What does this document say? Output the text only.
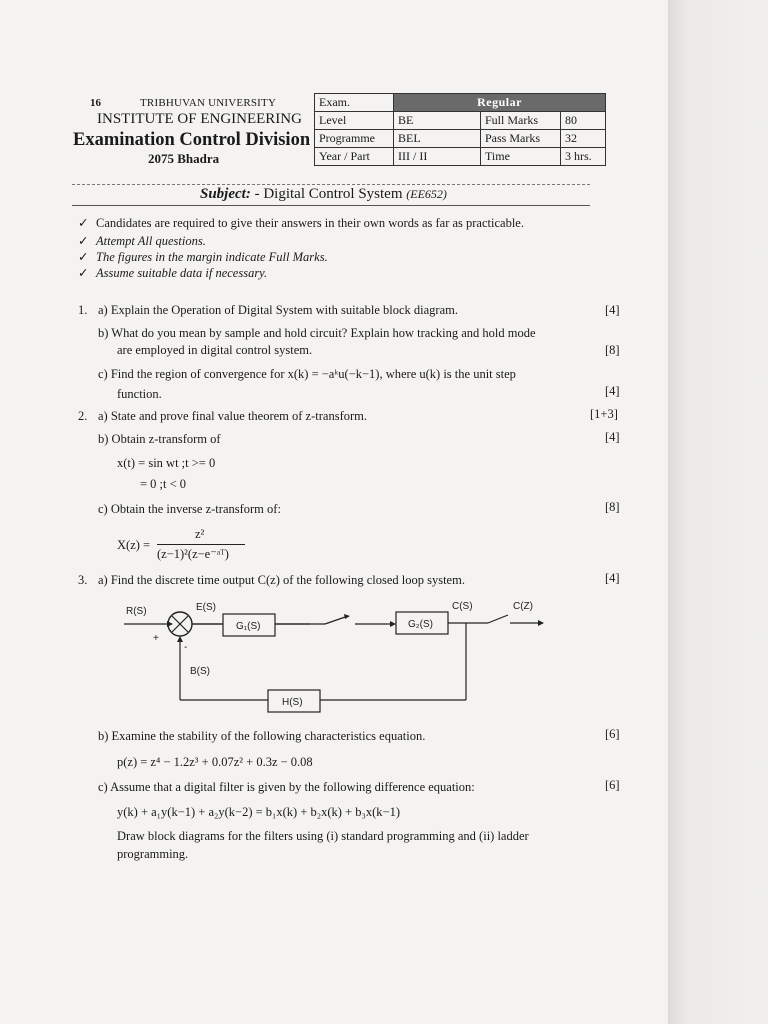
16	TRIBHUVAN UNIVERSITY
INSTITUTE OF ENGINEERING
Examination Control Division
2075 Bhadra
Exam.	Regular		
Level	BE	Full Marks	80
Programme	BEL	Pass Marks	32
Year / Part	III / II	Time	3 hrs.
Subject: - Digital Control System (EE652)
✓ Candidates are required to give their answers in their own words as far as practicable.
✓ Attempt All questions.
✓ The figures in the margin indicate Full Marks.
✓ Assume suitable data if necessary.
1. a) Explain the Operation of Digital System with suitable block diagram.	[4]
b) What do you mean by sample and hold circuit? Explain how tracking and hold mode
are employed in digital control system.	[8]
c) Find the region of convergence for x(k) = −aᵏu(−k−1), where u(k) is the unit step
function.	[4]
2. a) State and prove final value theorem of z-transform.	[1+3]
b) Obtain z-transform of	[4]
x(t) = sin wt ;t >= 0
= 0 ;t < 0
c) Obtain the inverse z-transform of:	[8]
X(z) =
z²
(z−1)²(z−e⁻ᵃᵀ)
3. a) Find the discrete time output C(z) of the following closed loop system.	[4]
R(S)	E(S)
G₁(S)	G₂(S)
C(S)	C(Z)
B(S)
H(S)
+
-
b) Examine the stability of the following characteristics equation.	[6]
p(z) = z⁴ − 1.2z³ + 0.07z² + 0.3z − 0.08
c) Assume that a digital filter is given by the following difference equation:	[6]
y(k) + a₁y(k−1) + a₂y(k−2) = b₁x(k) + b₂x(k) + b₃x(k−1)
Draw block diagrams for the filters using (i) standard programming and (ii) ladder
programming.
